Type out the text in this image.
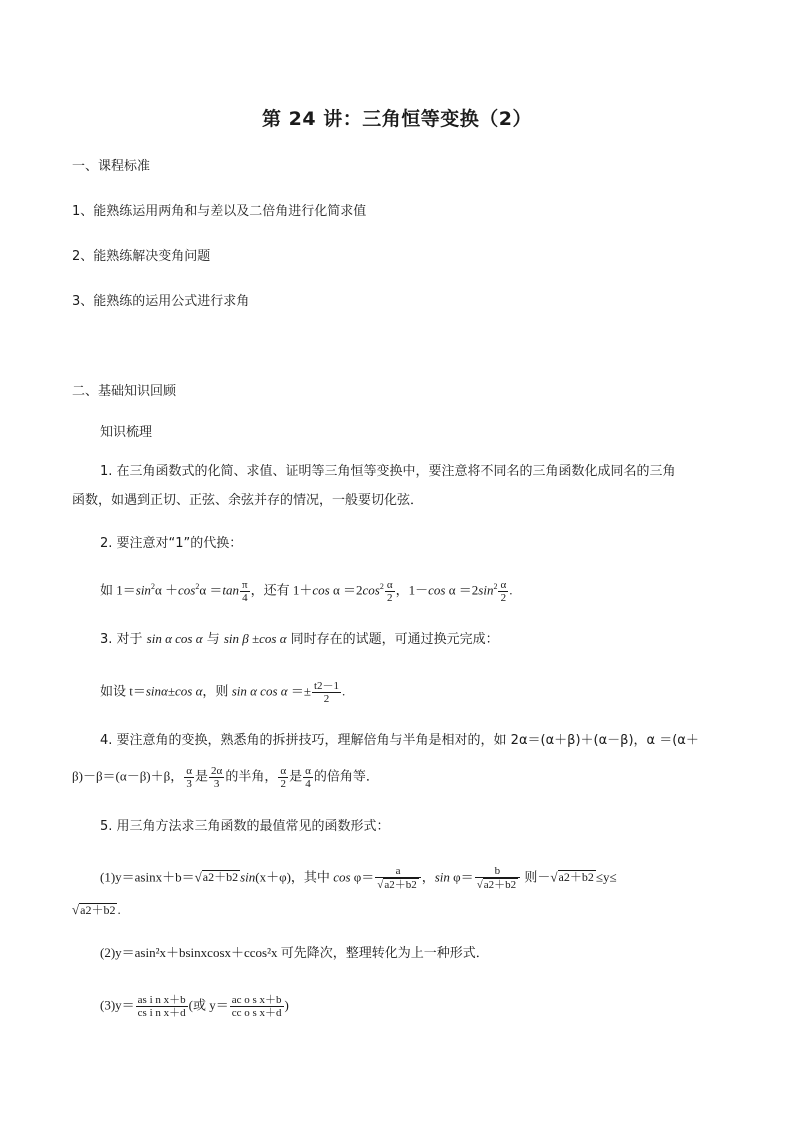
第 24 讲：三角恒等变换（2）
一、课程标准
1、能熟练运用两角和与差以及二倍角进行化简求值
2、能熟练解决变角问题
3、能熟练的运用公式进行求角
二、基础知识回顾
知识梳理
1. 在三角函数式的化简、求值、证明等三角恒等变换中，要注意将不同名的三角函数化成同名的三角
函数，如遇到正切、正弦、余弦并存的情况，一般要切化弦．
2. 要注意对“1”的代换：
如 $1=\sin^2\alpha +\cos^2\alpha =\tan \frac{\pi}{4}$ ，还有 1＋cos $\alpha =2\cos^2 \frac{\alpha}{2}$ ，1－cos $\alpha =2\sin^2 \frac{\alpha}{2}$ .
3. 对于 sin α cos α 与 sin β ±cos α 同时存在的试题，可通过换元完成：
如设 t＝sinα±cos α，则 sin α $\cos \alpha =\pm \frac{t2-1}{2}$ .
4. 要注意角的变换，熟悉角的拆拼技巧，理解倍角与半角是相对的，如 2α＝(α＋β)＋(α－β)，α ＝(α＋
β)－β＝(α－β)＋β， $\frac{\alpha}{3}$ 是 $\frac{2\alpha}{3}$ 的半角， $\frac{\alpha}{2}$ 是 $\frac{\alpha}{4}$ 的倍角等．
5. 用三角方法求三角函数的最值常见的函数形式：
(1)y＝asinx＋b＝√a2＋b2 sin(x＋φ)，其中 $\cos \varphi= \frac{a}{√a2+b2}$ ，$\sin \varphi= \frac{b}{√a2+b2}$ 则－√a2＋b2 ≤y≤
√a2＋b2 .
(2)y＝asin²x＋bsinxcosx＋ccos²x 可先降次，整理转化为上一种形式．
$(3)y= \frac{\text{as i n x＋b}}{\text{cs i n x＋d}}$ (或 $y= \frac{\text{ac o s x＋b}}{\text{cc o s x＋d}}$ )
